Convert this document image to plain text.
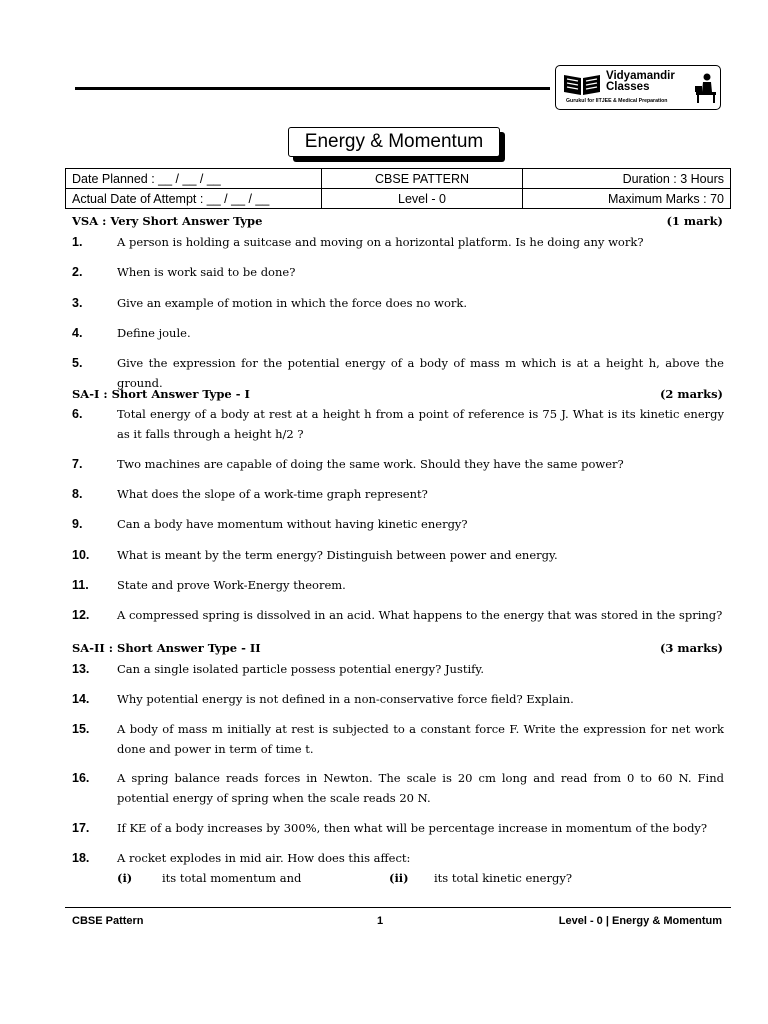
Vidyamandir
Classes
Gurukul for IITJEE & Medical Preparation
Energy & Momentum
Date Planned : __ / __ / __	CBSE PATTERN	Duration : 3 Hours
Actual Date of Attempt : __ / __ / __	Level - 0	Maximum Marks : 70
VSA : Very Short Answer Type	(1 mark)
1.	A person is holding a suitcase and moving on a horizontal platform. Is he doing any work?
2.	When is work said to be done?
3.	Give an example of motion in which the force does no work.
4.	Define joule.
5.	Give the expression for the potential energy of a body of mass m which is at a height h, above the ground.
SA-I : Short Answer Type - I	(2 marks)
6.	Total energy of a body at rest at a height h from a point of reference is 75 J. What is its kinetic energy as it falls through a height h/2 ?
7.	Two machines are capable of doing the same work. Should they have the same power?
8.	What does the slope of a work-time graph represent?
9.	Can a body have momentum without having kinetic energy?
10. What is meant by the term energy? Distinguish between power and energy.
11. State and prove Work-Energy theorem.
12. A compressed spring is dissolved in an acid. What happens to the energy that was stored in the spring?
SA-II : Short Answer Type - II	(3 marks)
13. Can a single isolated particle possess potential energy? Justify.
14. Why potential energy is not defined in a non-conservative force field? Explain.
15. A body of mass m initially at rest is subjected to a constant force F. Write the expression for net work done and power in term of time t.
16. A spring balance reads forces in Newton. The scale is 20 cm long and read from 0 to 60 N. Find potential energy of spring when the scale reads 20 N.
17. If KE of a body increases by 300%, then what will be percentage increase in momentum of the body?
18. A rocket explodes in mid air. How does this affect:
(i)	its total momentum and	(ii) its total kinetic energy?
CBSE Pattern	1	Level - 0 | Energy & Momentum
